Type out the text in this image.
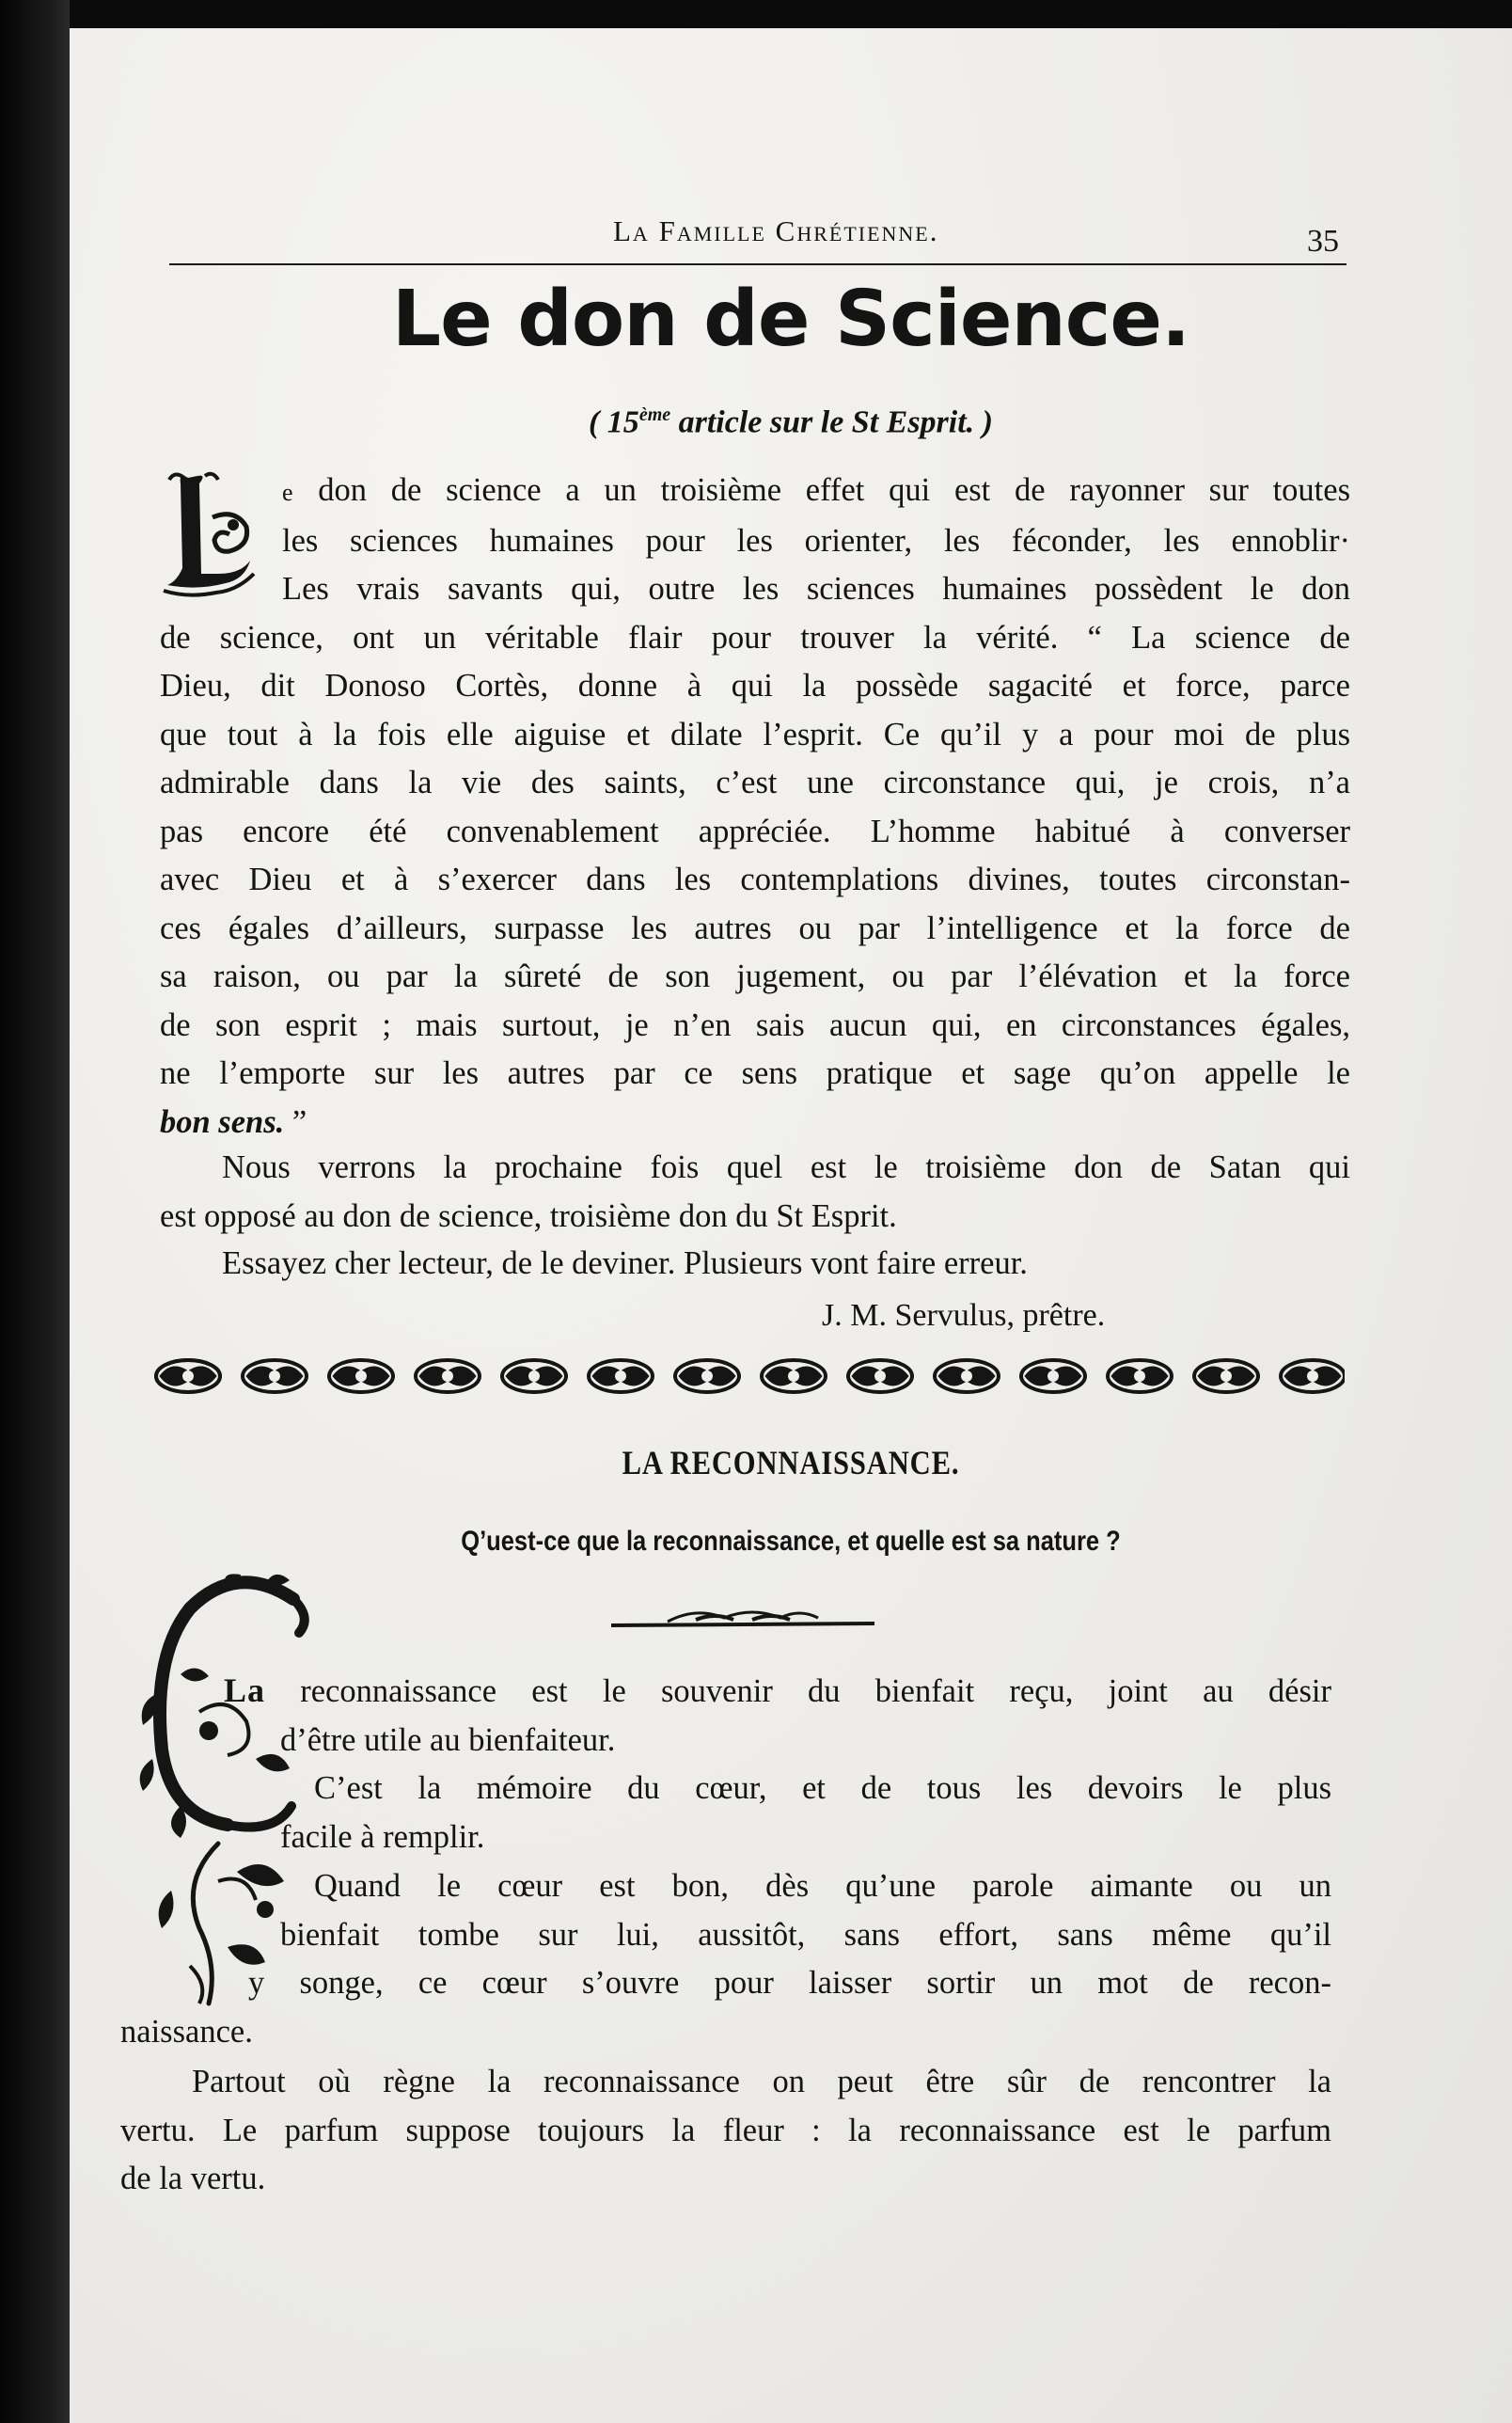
La Famille Chrétienne.	35
Le don de Science.
( 15ème article sur le St Esprit. )
e don de science a un troisième effet qui est de rayonner sur toutes
les sciences humaines pour les orienter, les féconder, les ennoblir·
Les vrais savants qui, outre les sciences humaines possèdent le don
de science, ont un véritable flair pour trouver la vérité. “ La science de
Dieu, dit Donoso Cortès, donne à qui la possède sagacité et force, parce
que tout à la fois elle aiguise et dilate l’esprit. Ce qu’il y a pour moi de plus
admirable dans la vie des saints, c’est une circonstance qui, je crois, n’a
pas encore été convenablement appréciée. L’homme habitué à converser
avec Dieu et à s’exercer dans les contemplations divines, toutes circonstan-
ces égales d’ailleurs, surpasse les autres ou par l’intelligence et la force de
sa raison, ou par la sûreté de son jugement, ou par l’élévation et la force
de son esprit ; mais surtout, je n’en sais aucun qui, en circonstances égales,
ne l’emporte sur les autres par ce sens pratique et sage qu’on appelle le
bon sens. ”
Nous verrons la prochaine fois quel est le troisième don de Satan qui
est opposé au don de science, troisième don du St Esprit.
Essayez cher lecteur, de le deviner. Plusieurs vont faire erreur.
J. M. Servulus, prêtre.
LA RECONNAISSANCE.
Q’uest-ce que la reconnaissance, et quelle est sa nature ?
La reconnaissance est le souvenir du bienfait reçu, joint au désir
d’être utile au bienfaiteur.
C’est la mémoire du cœur, et de tous les devoirs le plus
facile à remplir.
Quand le cœur est bon, dès qu’une parole aimante ou un
bienfait tombe sur lui, aussitôt, sans effort, sans même qu’il
y songe, ce cœur s’ouvre pour laisser sortir un mot de recon-
naissance.
Partout où règne la reconnaissance on peut être sûr de rencontrer la
vertu. Le parfum suppose toujours la fleur : la reconnaissance est le parfum
de la vertu.
